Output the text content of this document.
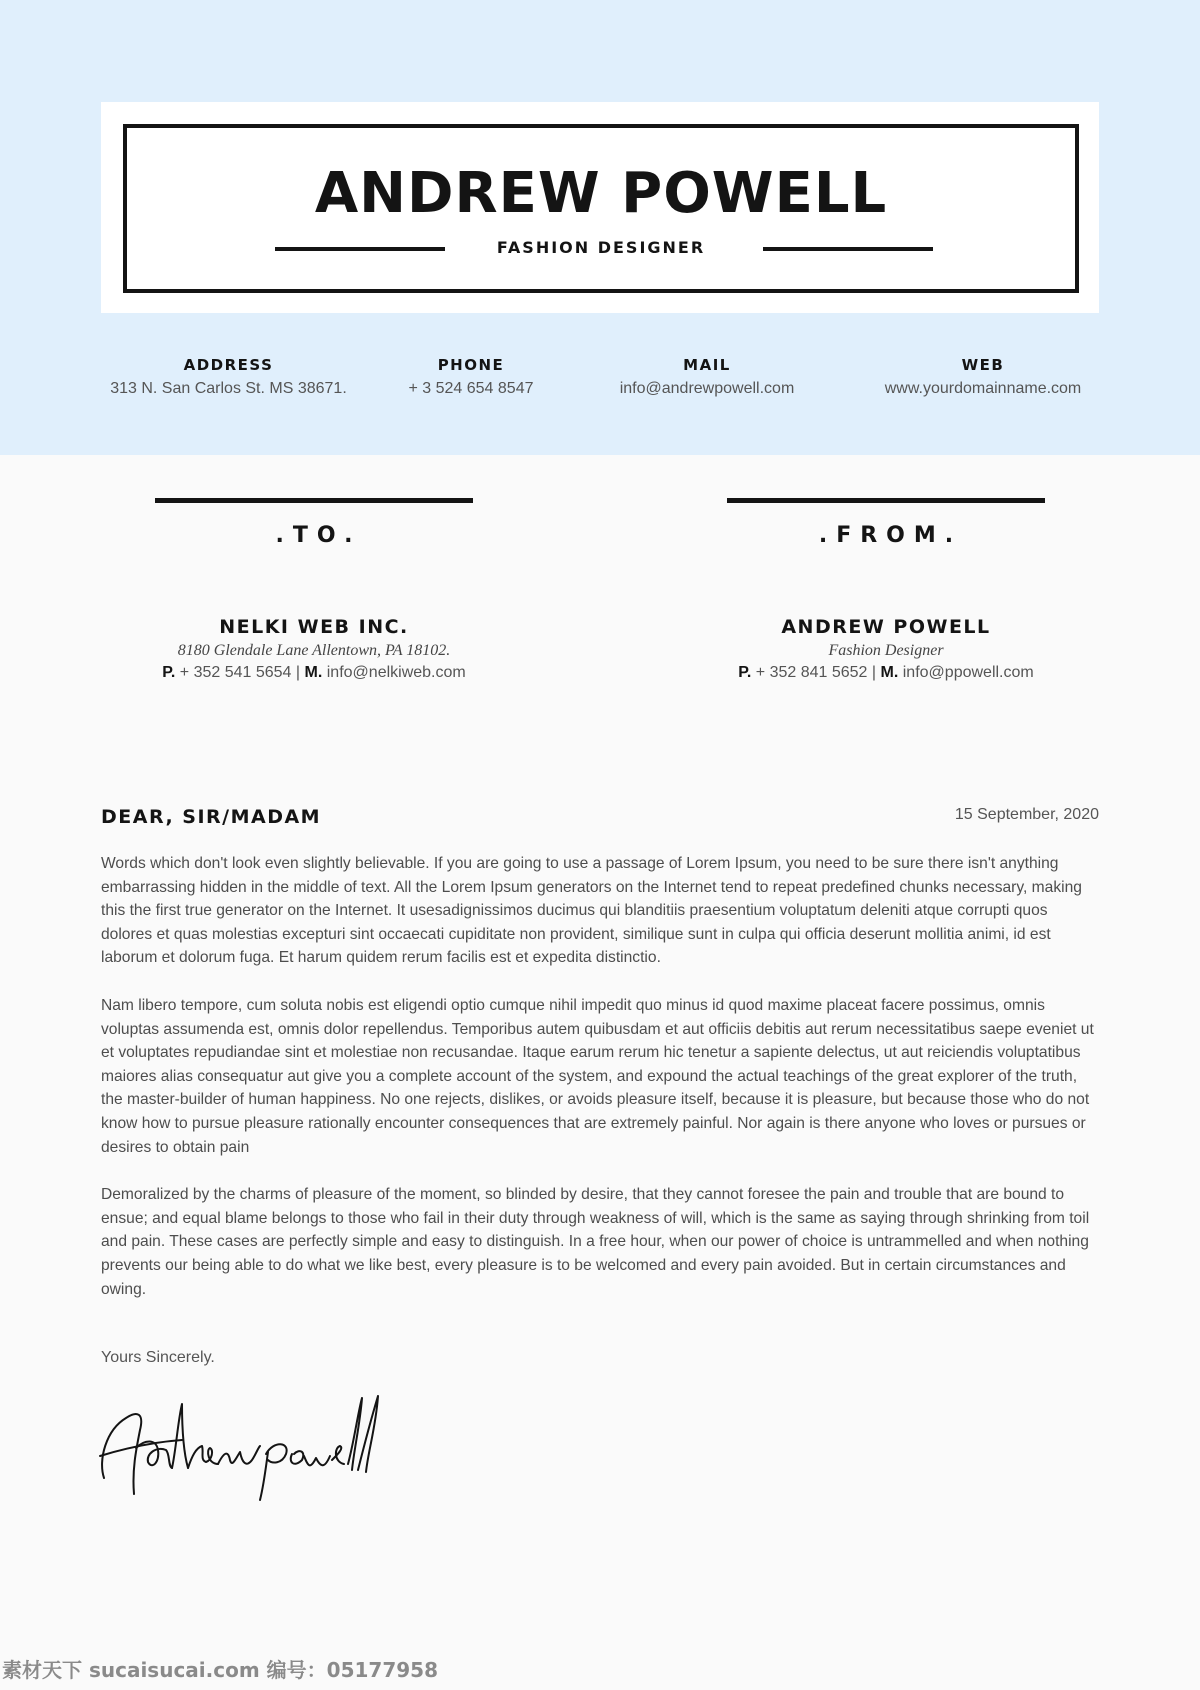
ANDREW POWELL
FASHION DESIGNER
ADDRESS
313 N. San Carlos St. MS 38671.
PHONE
+ 3 524 654 8547
MAIL
info@andrewpowell.com
WEB
www.yourdomainname.com
.TO.
NELKI WEB INC.
8180 Glendale Lane Allentown, PA 18102.
P. + 352 541 5654 | M. info@nelkiweb.com
.FROM.
ANDREW POWELL
Fashion Designer
P. + 352 841 5652 | M. info@ppowell.com
DEAR, SIR/MADAM	15 September, 2020

Words which don't look even slightly believable. If you are going to use a passage of Lorem Ipsum, you need to be sure there isn't anything embarrassing hidden in the middle of text. All the Lorem Ipsum generators on the Internet tend to repeat predefined chunks necessary, making this the first true generator on the Internet. It usesadignissimos ducimus qui blanditiis praesentium voluptatum deleniti atque corrupti quos dolores et quas molestias excepturi sint occaecati cupiditate non provident, similique sunt in culpa qui officia deserunt mollitia animi, id est laborum et dolorum fuga. Et harum quidem rerum facilis est et expedita distinctio.

Nam libero tempore, cum soluta nobis est eligendi optio cumque nihil impedit quo minus id quod maxime placeat facere possimus, omnis voluptas assumenda est, omnis dolor repellendus. Temporibus autem quibusdam et aut officiis debitis aut rerum necessitatibus saepe eveniet ut et voluptates repudiandae sint et molestiae non recusandae. Itaque earum rerum hic tenetur a sapiente delectus, ut aut reiciendis voluptatibus maiores alias consequatur aut give you a complete account of the system, and expound the actual teachings of the great explorer of the truth, the master-builder of human happiness. No one rejects, dislikes, or avoids pleasure itself, because it is pleasure, but because those who do not know how to pursue pleasure rationally encounter consequences that are extremely painful. Nor again is there anyone who loves or pursues or desires to obtain pain

Demoralized by the charms of pleasure of the moment, so blinded by desire, that they cannot foresee the pain and trouble that are bound to ensue; and equal blame belongs to those who fail in their duty through weakness of will, which is the same as saying through shrinking from toil and pain. These cases are perfectly simple and easy to distinguish. In a free hour, when our power of choice is untrammelled and when nothing prevents our being able to do what we like best, every pleasure is to be welcomed and every pain avoided. But in certain circumstances and owing.

Yours Sincerely.
素材天下 sucaisucai.com 编号：05177958
